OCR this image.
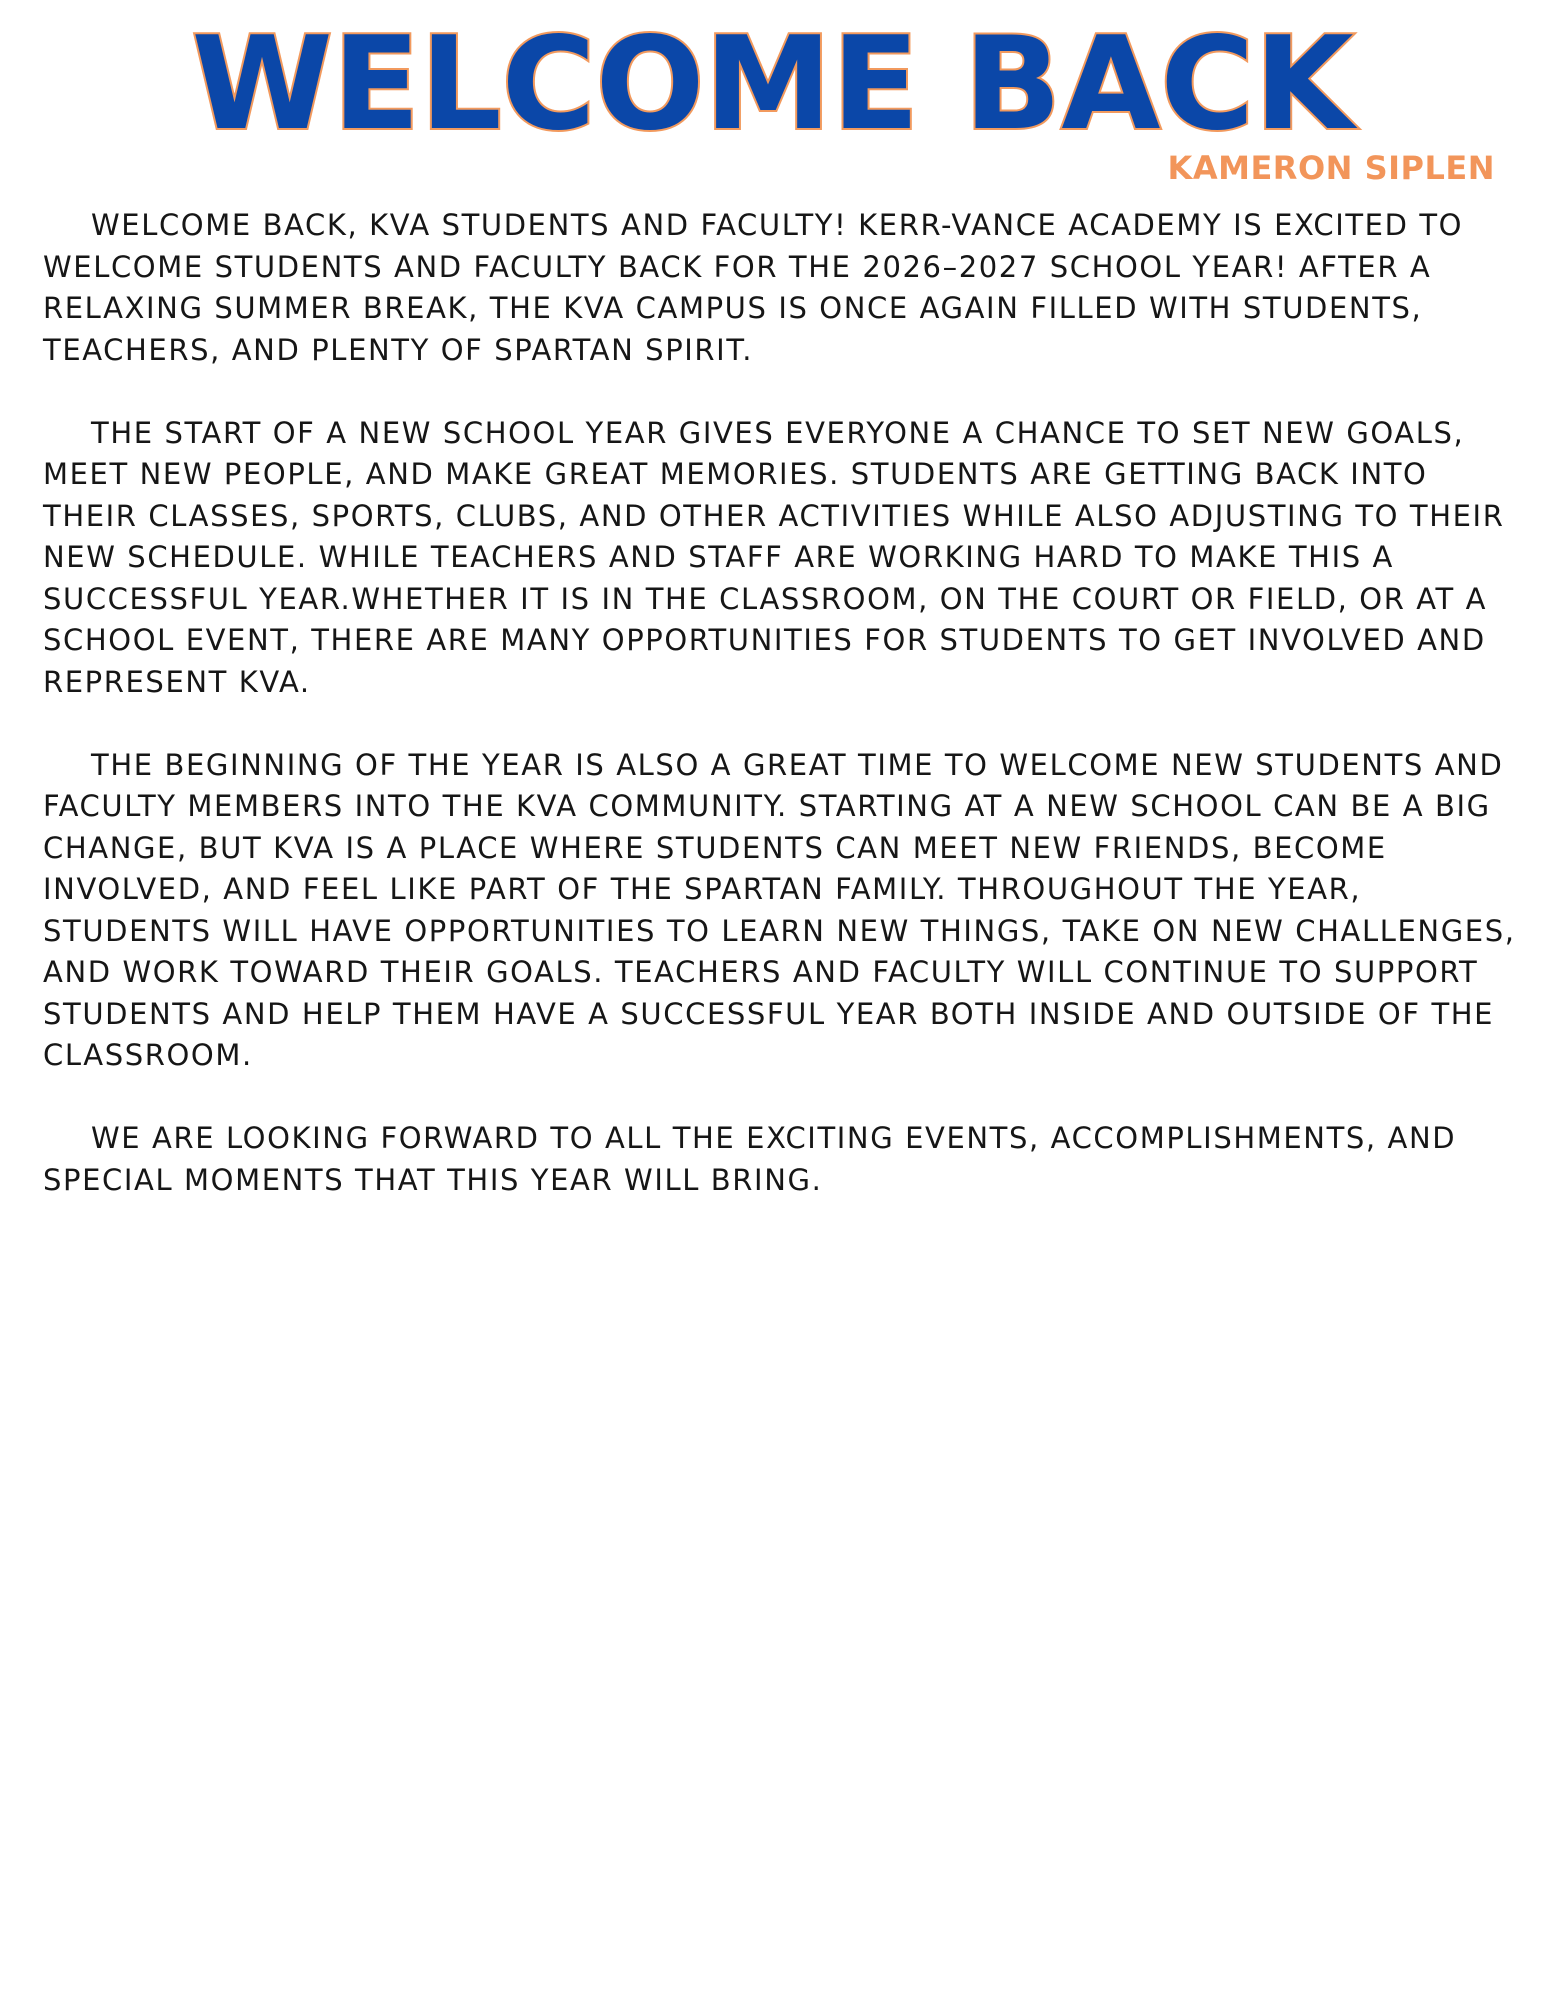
WELCOME BACK
KAMERON SIPLEN

WELCOME BACK, KVA STUDENTS AND FACULTY! KERR-VANCE ACADEMY IS EXCITED TO WELCOME STUDENTS AND FACULTY BACK FOR THE 2026–2027 SCHOOL YEAR! AFTER A RELAXING SUMMER BREAK, THE KVA CAMPUS IS ONCE AGAIN FILLED WITH STUDENTS, TEACHERS, AND PLENTY OF SPARTAN SPIRIT.

THE START OF A NEW SCHOOL YEAR GIVES EVERYONE A CHANCE TO SET NEW GOALS, MEET NEW PEOPLE, AND MAKE GREAT MEMORIES. STUDENTS ARE GETTING BACK INTO THEIR CLASSES, SPORTS, CLUBS, AND OTHER ACTIVITIES WHILE ALSO ADJUSTING TO THEIR NEW SCHEDULE. WHILE TEACHERS AND STAFF ARE WORKING HARD TO MAKE THIS A SUCCESSFUL YEAR.WHETHER IT IS IN THE CLASSROOM, ON THE COURT OR FIELD, OR AT A SCHOOL EVENT, THERE ARE MANY OPPORTUNITIES FOR STUDENTS TO GET INVOLVED AND REPRESENT KVA.

THE BEGINNING OF THE YEAR IS ALSO A GREAT TIME TO WELCOME NEW STUDENTS AND FACULTY MEMBERS INTO THE KVA COMMUNITY. STARTING AT A NEW SCHOOL CAN BE A BIG CHANGE, BUT KVA IS A PLACE WHERE STUDENTS CAN MEET NEW FRIENDS, BECOME INVOLVED, AND FEEL LIKE PART OF THE SPARTAN FAMILY. THROUGHOUT THE YEAR, STUDENTS WILL HAVE OPPORTUNITIES TO LEARN NEW THINGS, TAKE ON NEW CHALLENGES, AND WORK TOWARD THEIR GOALS. TEACHERS AND FACULTY WILL CONTINUE TO SUPPORT STUDENTS AND HELP THEM HAVE A SUCCESSFUL YEAR BOTH INSIDE AND OUTSIDE OF THE CLASSROOM.

WE ARE LOOKING FORWARD TO ALL THE EXCITING EVENTS, ACCOMPLISHMENTS, AND SPECIAL MOMENTS THAT THIS YEAR WILL BRING.
